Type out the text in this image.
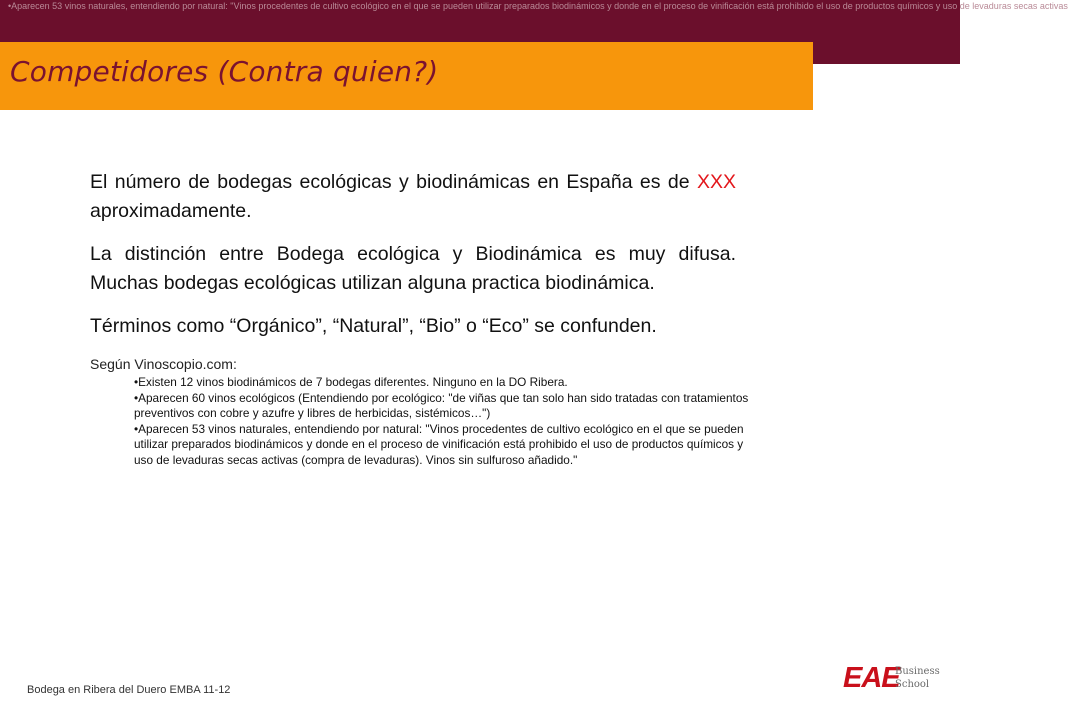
•Aparecen 53 vinos naturales, entendiendo por natural: "Vinos procedentes de cultivo ecológico en el que se pueden utilizar preparados biodinámicos y donde en el proceso de vinificación está prohibido el uso de productos químicos y uso de levaduras secas activas
Competidores (Contra quien?)

El número de bodegas ecológicas y biodinámicas en España es de XXX aproximadamente.

La distinción entre Bodega ecológica y Biodinámica es muy difusa. Muchas bodegas ecológicas utilizan alguna practica biodinámica.

Términos como “Orgánico”, “Natural”, “Bio” o “Eco” se confunden.

Según Vinoscopio.com:

•Existen 12 vinos biodinámicos de 7 bodegas diferentes. Ninguno en la DO Ribera.
•Aparecen 60 vinos ecológicos (Entendiendo por ecológico: "de viñas que tan solo han sido tratadas con tratamientos preventivos con cobre y azufre y libres de herbicidas, sistémicos…")
•Aparecen 53 vinos naturales, entendiendo por natural: "Vinos procedentes de cultivo ecológico en el que se pueden utilizar preparados biodinámicos y donde en el proceso de vinificación está prohibido el uso de productos químicos y uso de levaduras secas activas (compra de levaduras). Vinos sin sulfuroso añadido."
Bodega en Ribera del Duero EMBA 11-12	EAE
Business
School
